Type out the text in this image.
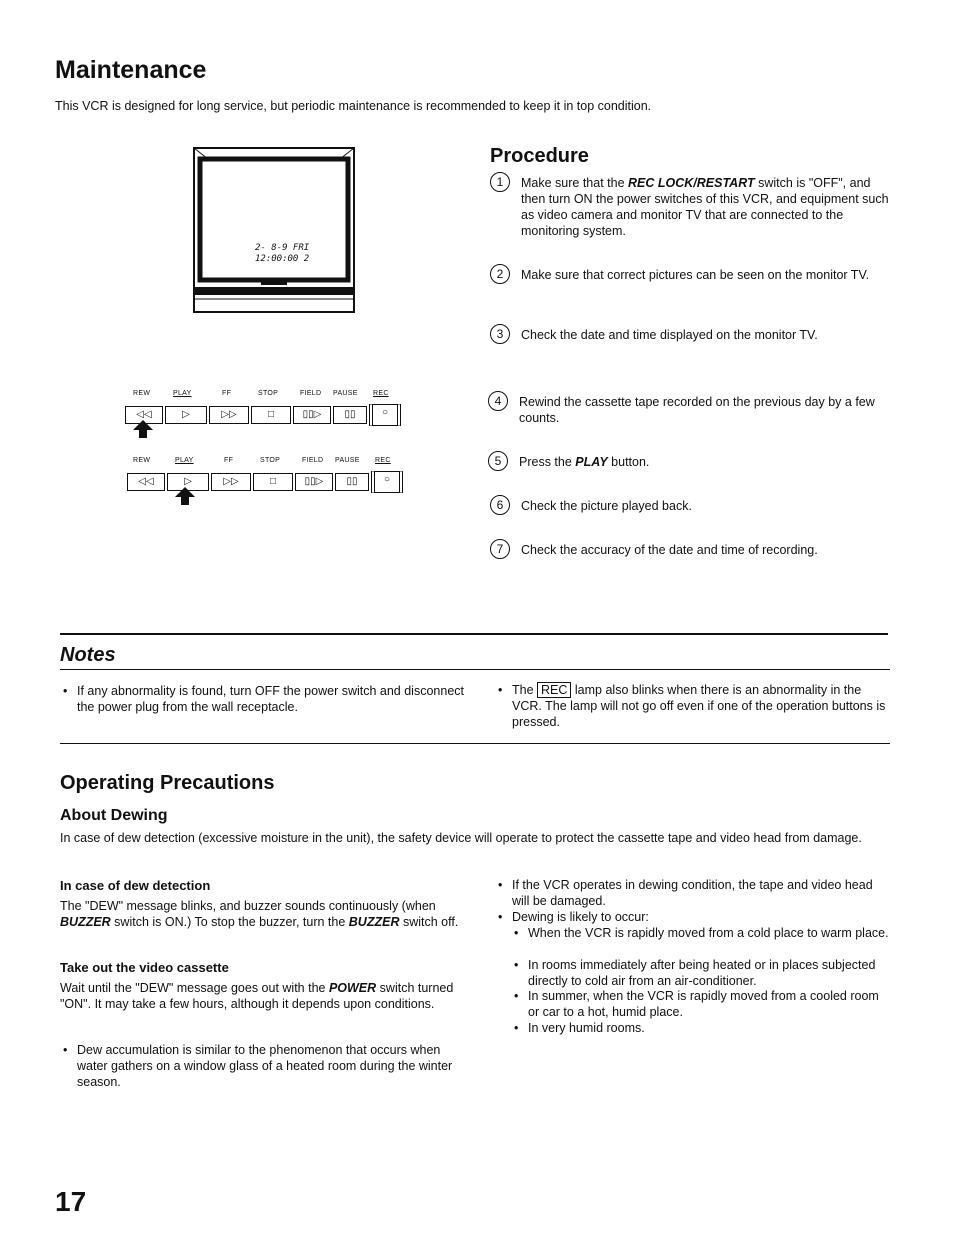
Maintenance
This VCR is designed for long service, but periodic maintenance is recommended to keep it in top condition.
2- 8-9 FRI
12:00:00 2
REW	PLAY	FF	STOP	FIELD PAUSE REC
◁◁	▷	▷▷	□	▯▯▷	▯▯	○
REW	PLAY	FF	STOP	FIELD PAUSE REC
◁◁	▷	▷▷	□	▯▯▷	▯▯	○
Procedure
1	Make sure that the REC LOCK/RESTART switch is "OFF", and then turn ON the power switches of this VCR, and equipment such as video camera and monitor TV that are connected to the monitoring system.
2	Make sure that correct pictures can be seen on the monitor TV.
3	Check the date and time displayed on the monitor TV.
4	Rewind the cassette tape recorded on the previous day by a few counts.
5	Press the PLAY button.
6	Check the picture played back.
7	Check the accuracy of the date and time of recording.
Notes
• If any abnormality is found, turn OFF the power switch and disconnect the power plug from the wall receptacle.
• The REC lamp also blinks when there is an abnormality in the VCR. The lamp will not go off even if one of the operation buttons is pressed.
Operating Precautions
About Dewing
In case of dew detection (excessive moisture in the unit), the safety device will operate to protect the cassette tape and video head from damage.
In case of dew detection
The "DEW" message blinks, and buzzer sounds continuously (when BUZZER switch is ON.) To stop the buzzer, turn the BUZZER switch off.
Take out the video cassette
Wait until the "DEW" message goes out with the POWER switch turned "ON". It may take a few hours, although it depends upon conditions.
• Dew accumulation is similar to the phenomenon that occurs when water gathers on a window glass of a heated room during the winter season.
• If the VCR operates in dewing condition, the tape and video head will be damaged.
• Dewing is likely to occur:
• When the VCR is rapidly moved from a cold place to warm place.
• In rooms immediately after being heated or in places subjected directly to cold air from an air-conditioner.
• In summer, when the VCR is rapidly moved from a cooled room or car to a hot, humid place.
• In very humid rooms.
17
